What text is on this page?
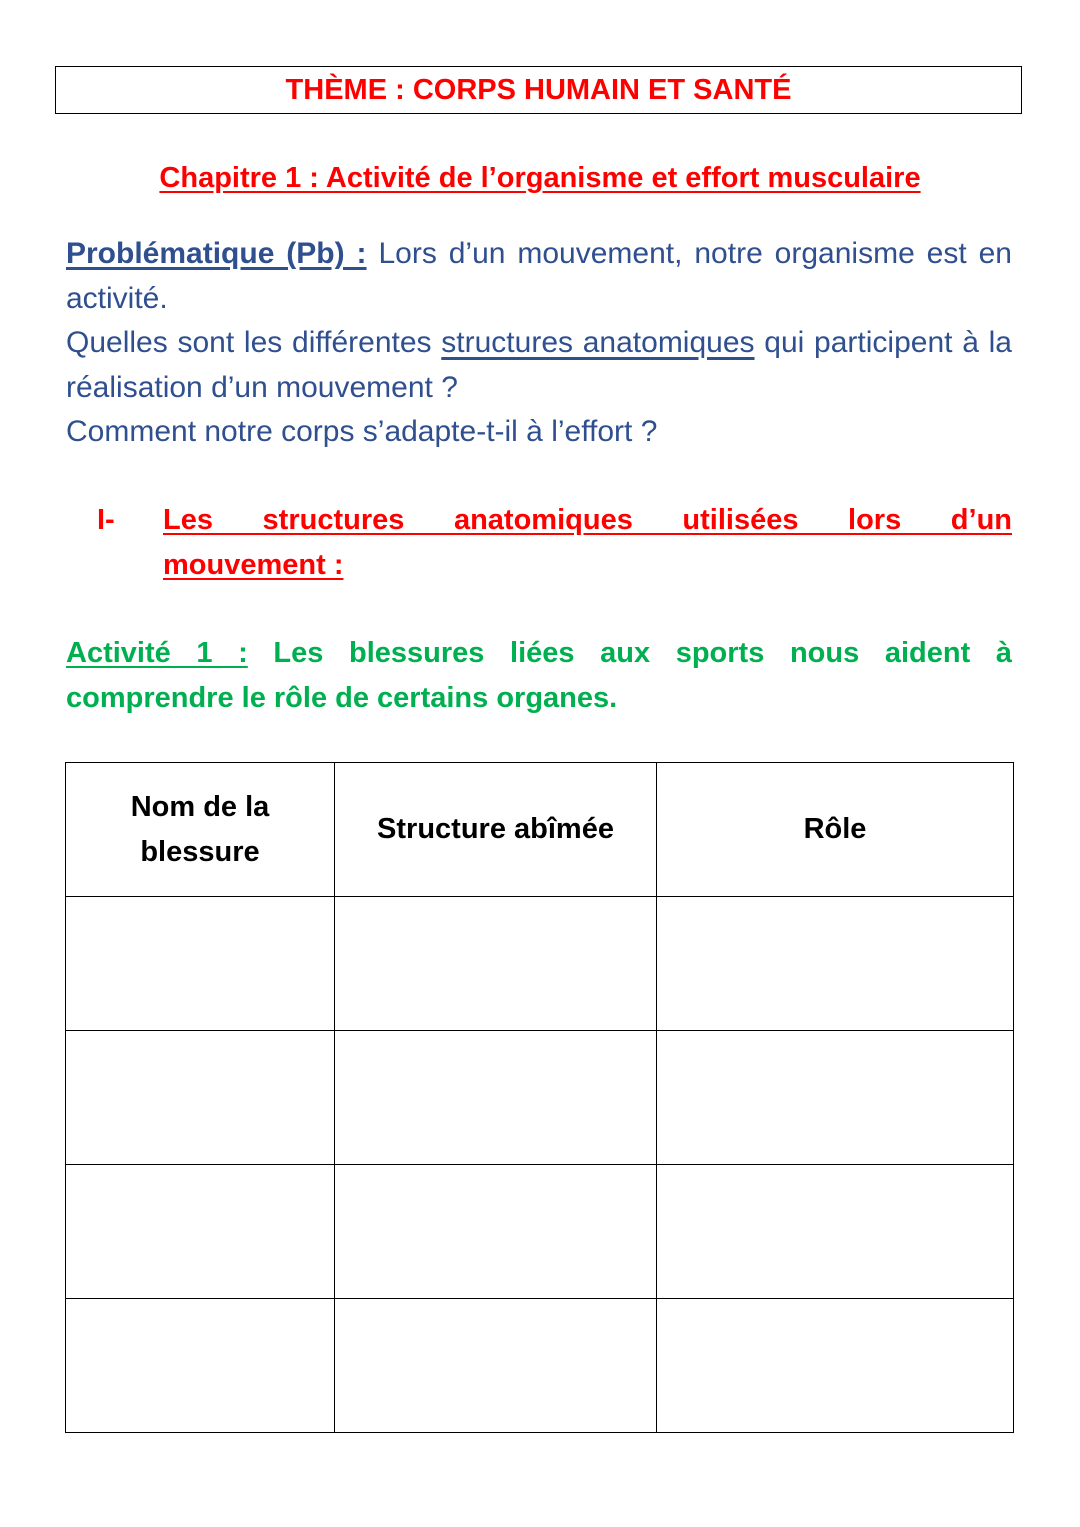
THÈME : CORPS HUMAIN ET SANTÉ
Chapitre 1 : Activité de l’organisme et effort musculaire

Problématique (Pb) : Lors d’un mouvement, notre organisme est en activité.

Quelles sont les différentes structures anatomiques qui participent à la réalisation d’un mouvement ?

Comment notre corps s’adapte-t-il à l’effort ?

I-	Les structures anatomiques utilisées lors d’un
mouvement :

Activité 1 : Les blessures liées aux sports nous aident à

comprendre le rôle de certains organes.

Nom de la blessure	Structure abîmée	Rôle
